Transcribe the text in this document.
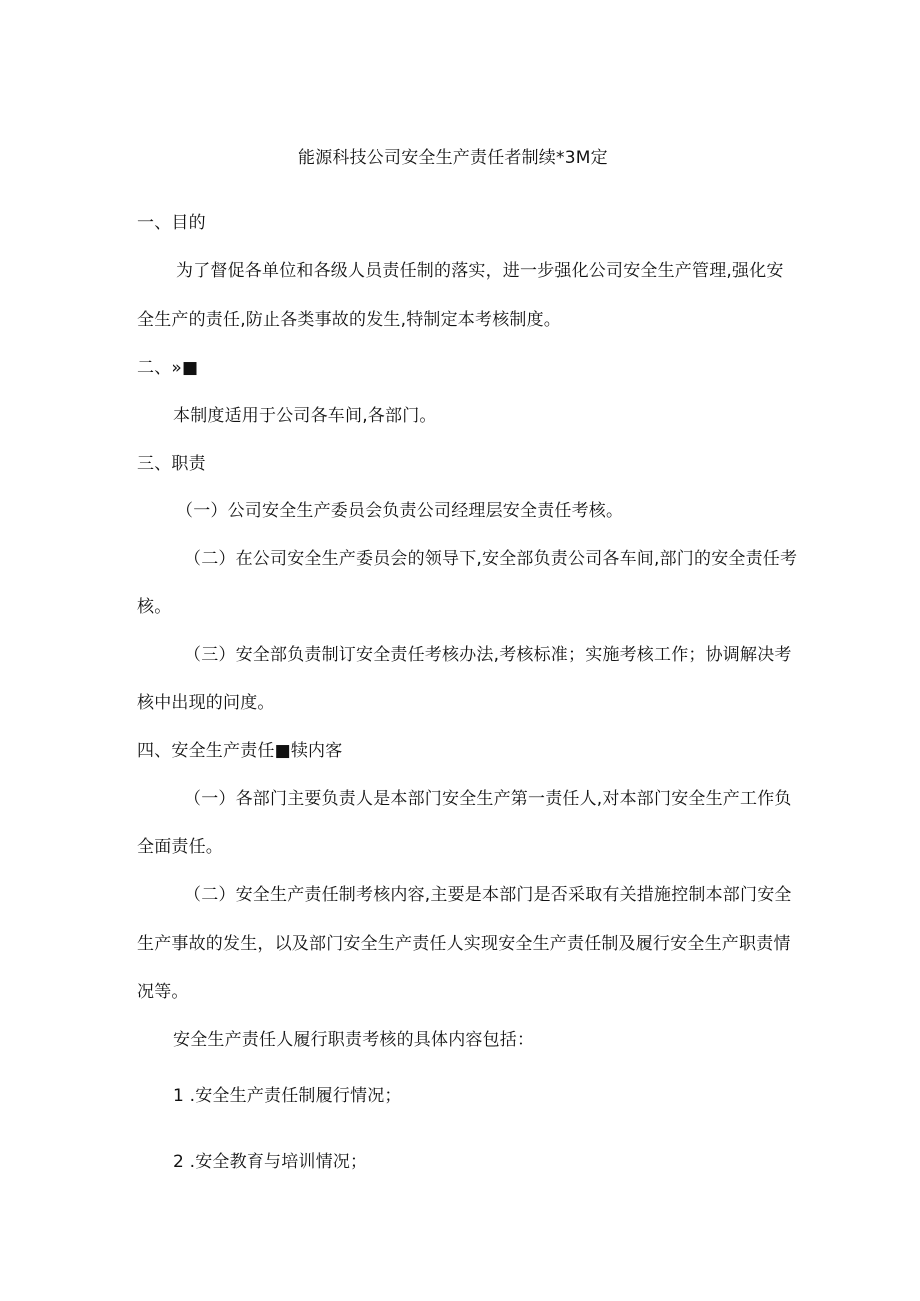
能源科技公司安全生产责任者制续*3M定
一、目的
为了督促各单位和各级人员责任制的落实，进一步强化公司安全生产管理,强化安
全生产的责任,防止各类事故的发生,特制定本考核制度。
二、»■
本制度适用于公司各车间,各部门。
三、职责
（一）公司安全生产委员会负责公司经理层安全责任考核。
（二）在公司安全生产委员会的领导下,安全部负责公司各车间,部门的安全责任考
核。
（三）安全部负责制订安全责任考核办法,考核标准；实施考核工作；协调解决考
核中出现的问度。
四、安全生产责任■犊内客
（一）各部门主要负责人是本部门安全生产第一责任人,对本部门安全生产工作负
全面责任。
（二）安全生产责任制考核内容,主要是本部门是否采取有关措施控制本部门安全
生产事故的发生，以及部门安全生产责任人实现安全生产责任制及履行安全生产职责情
况等。
安全生产责任人履行职责考核的具体内容包括：
1 .安全生产责任制履行情况；
2 .安全教育与培训情况；
